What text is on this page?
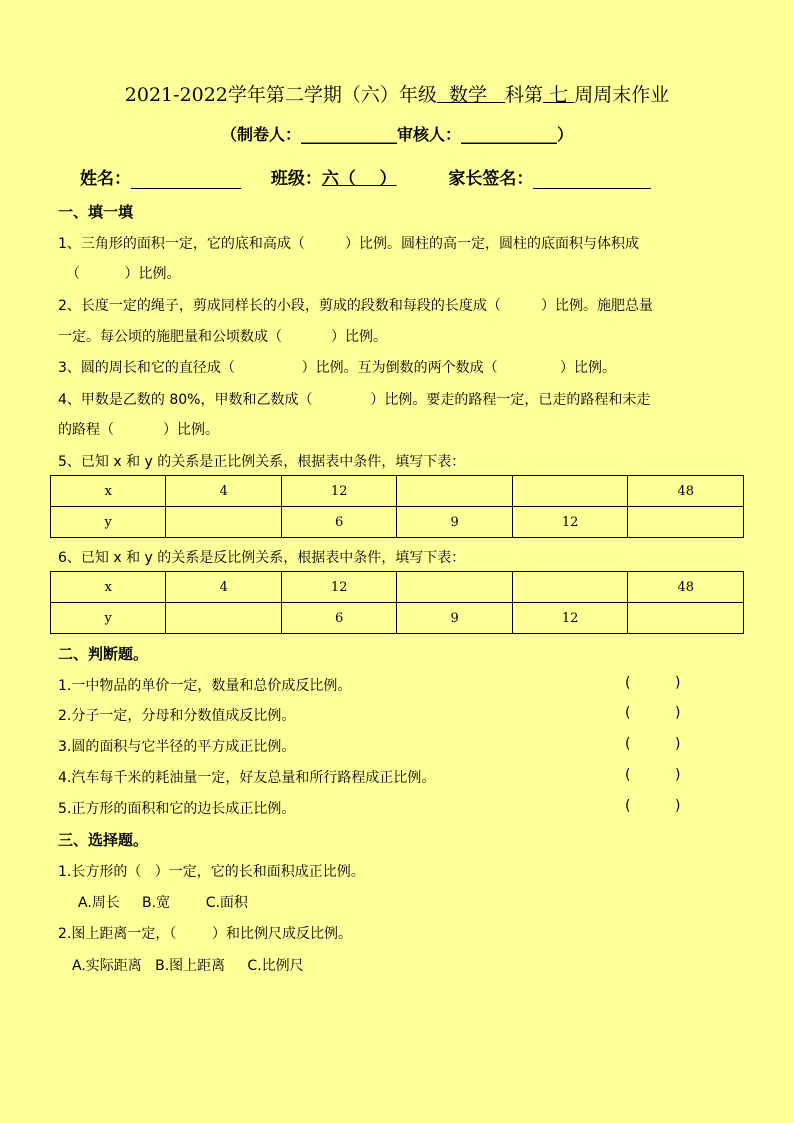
2021-2022学年第二学期（六）年级  数学   科第 七 周周末作业
（制卷人：____________审核人：____________）
姓名：	班级：六（    ）	家长签名：
一、填一填
1、三角形的面积一定，它的底和高成（         ）比例。圆柱的高一定，圆柱的底面积与体积成
（          ）比例。
2、长度一定的绳子，剪成同样长的小段，剪成的段数和每段的长度成（         ）比例。施肥总量
一定。每公顷的施肥量和公顷数成（           ）比例。
3、圆的周长和它的直径成（               ）比例。互为倒数的两个数成（              ）比例。
4、甲数是乙数的 80%，甲数和乙数成（             ）比例。要走的路程一定，已走的路程和未走
的路程（           ）比例。
5、已知 x 和 y 的关系是正比例关系，根据表中条件，填写下表：
x	4	12			48
y		6	9	12	
6、已知 x 和 y 的关系是反比例关系，根据表中条件，填写下表：
x	4	12			48
y		6	9	12	
二、判断题。
1.一中物品的单价一定，数量和总价成反比例。	(          )
2.分子一定，分母和分数值成反比例。	(          )
3.圆的面积与它半径的平方成正比例。	(          )
4.汽车每千米的耗油量一定，好友总量和所行路程成正比例。	(          )
5.正方形的面积和它的边长成正比例。	(          )
三、选择题。
1.长方形的（   ）一定，它的长和面积成正比例。
A.周长     B.宽        C.面积
2.图上距离一定，（        ）和比例尺成反比例。
A.实际距离   B.图上距离     C.比例尺
